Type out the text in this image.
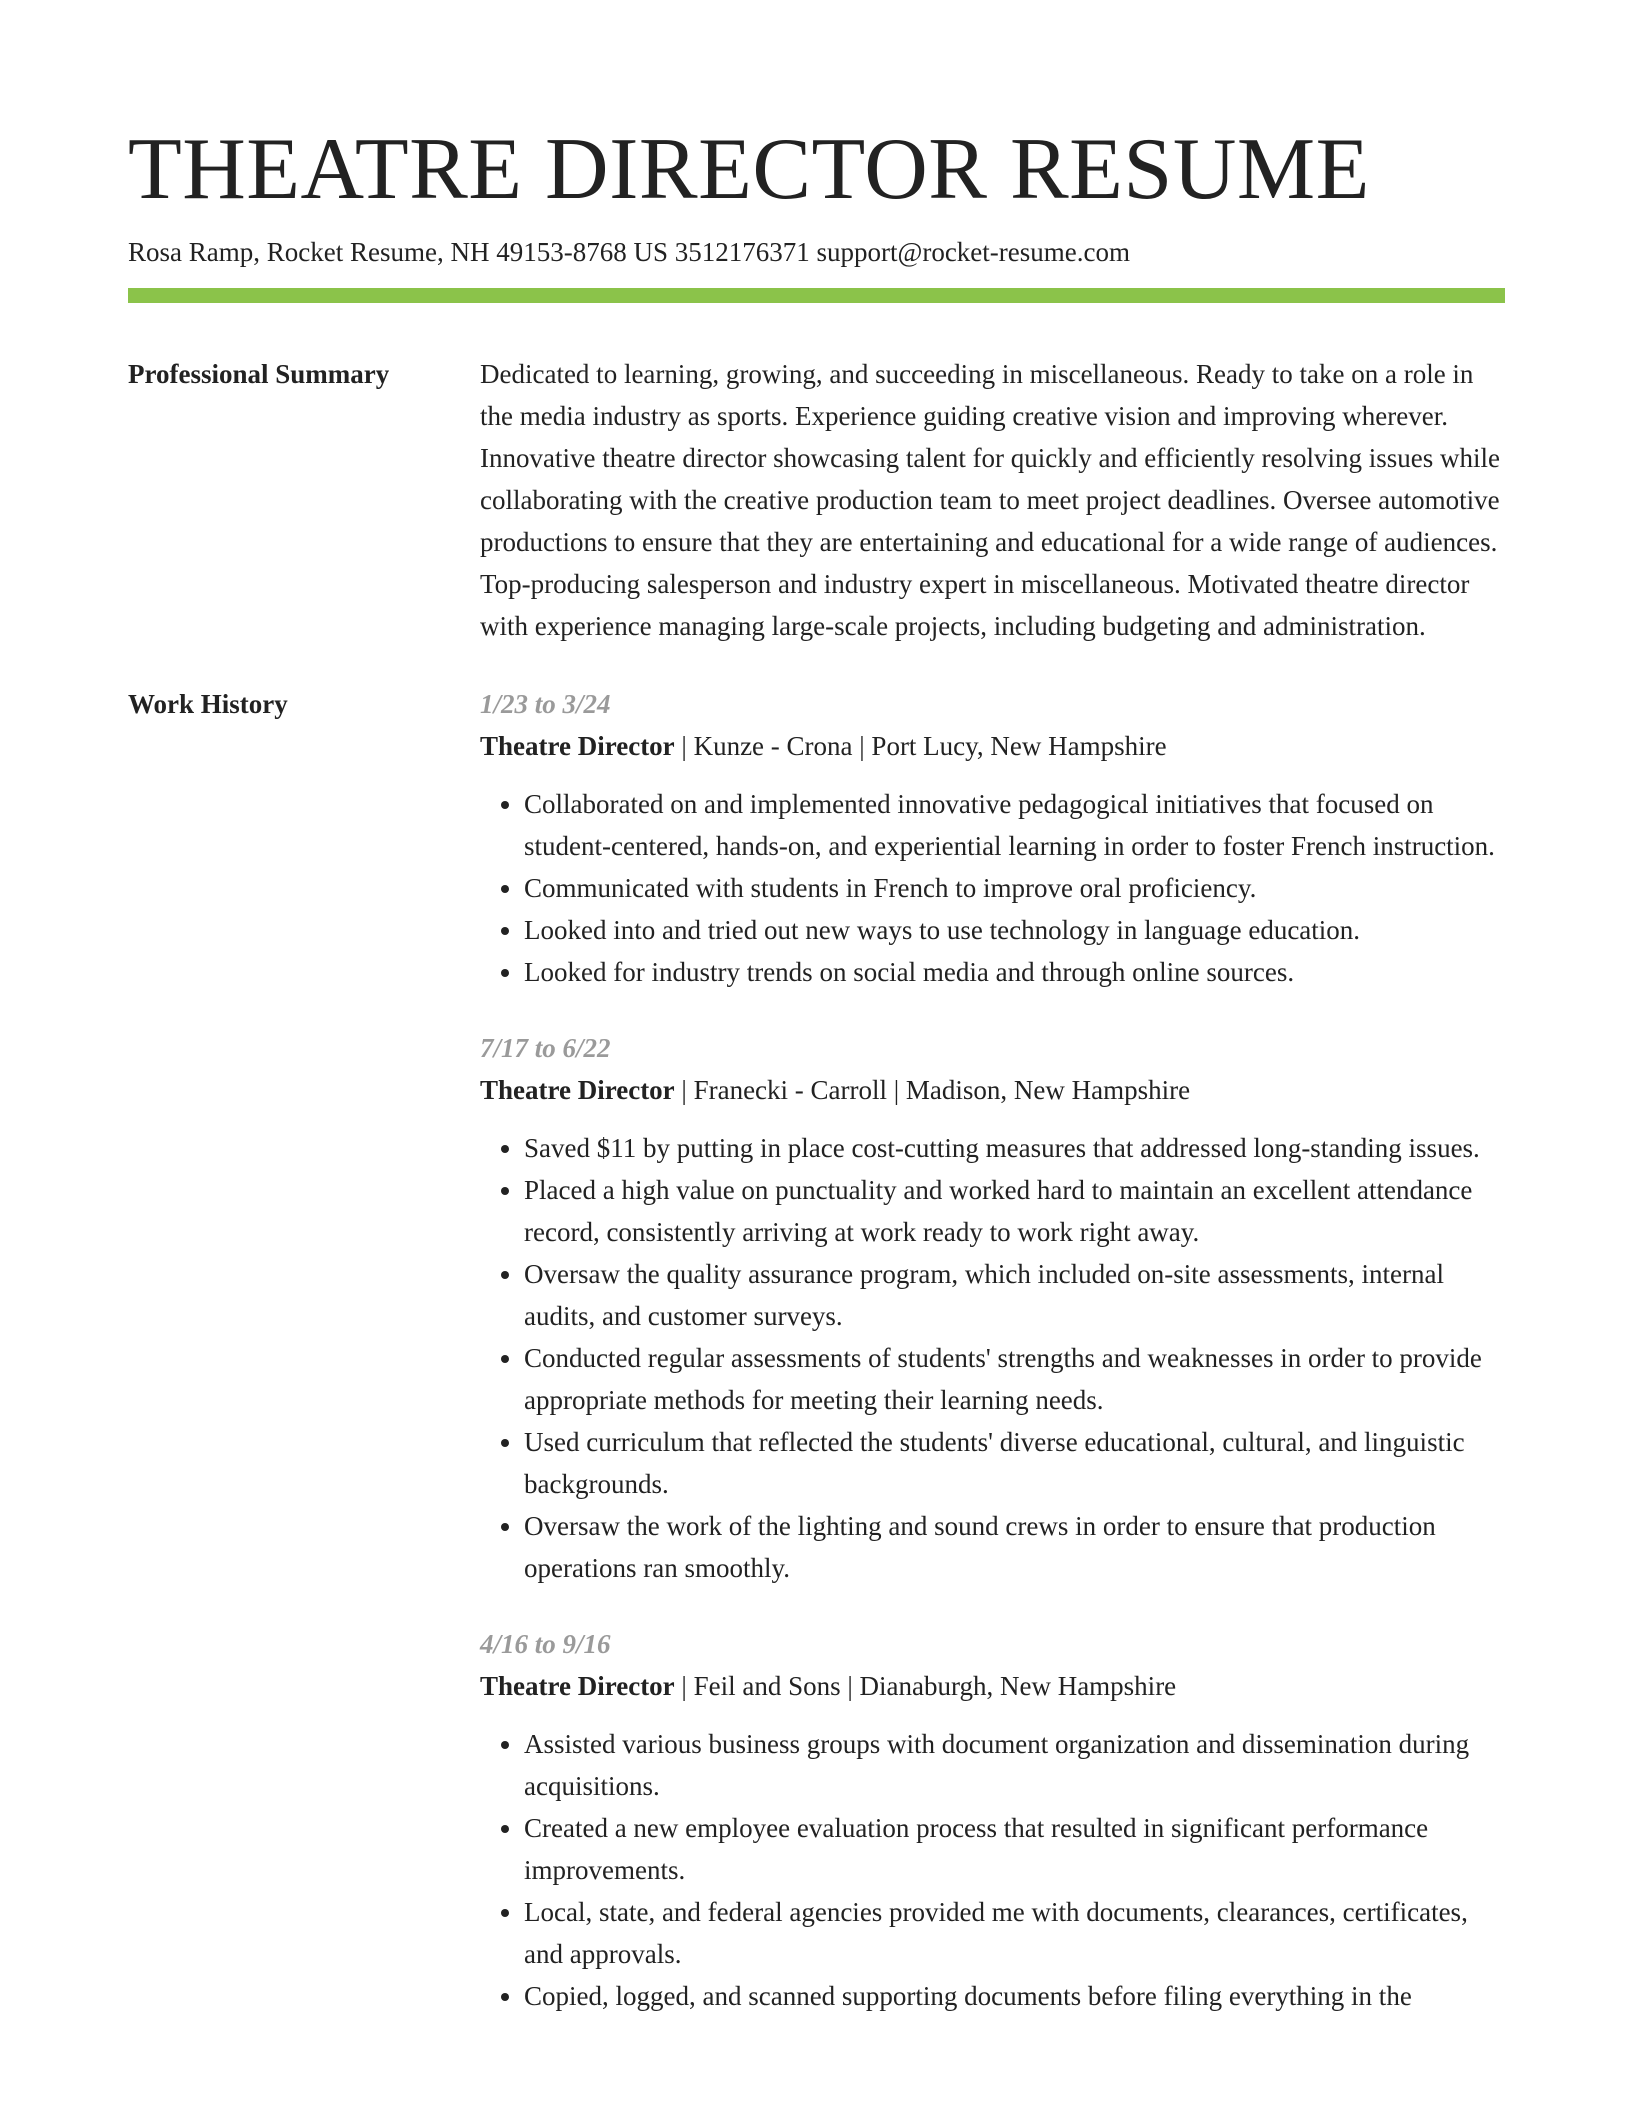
THEATRE DIRECTOR RESUME
Rosa Ramp, Rocket Resume, NH 49153-8768 US 3512176371 support@rocket-resume.com
Professional Summary	Dedicated to learning, growing, and succeeding in miscellaneous. Ready to take on a role in the media industry as sports. Experience guiding creative vision and improving wherever. Innovative theatre director showcasing talent for quickly and efficiently resolving issues while collaborating with the creative production team to meet project deadlines. Oversee automotive productions to ensure that they are entertaining and educational for a wide range of audiences. Top-producing salesperson and industry expert in miscellaneous. Motivated theatre director with experience managing large-scale projects, including budgeting and administration.

Work History	1/23 to 3/24
Theatre Director | Kunze - Crona | Port Lucy, New Hampshire
• Collaborated on and implemented innovative pedagogical initiatives that focused on student-centered, hands-on, and experiential learning in order to foster French instruction.
• Communicated with students in French to improve oral proficiency.
• Looked into and tried out new ways to use technology in language education.
• Looked for industry trends on social media and through online sources.
7/17 to 6/22
Theatre Director | Franecki - Carroll | Madison, New Hampshire
• Saved $11 by putting in place cost-cutting measures that addressed long-standing issues.
• Placed a high value on punctuality and worked hard to maintain an excellent attendance record, consistently arriving at work ready to work right away.
• Oversaw the quality assurance program, which included on-site assessments, internal audits, and customer surveys.
• Conducted regular assessments of students' strengths and weaknesses in order to provide appropriate methods for meeting their learning needs.
• Used curriculum that reflected the students' diverse educational, cultural, and linguistic backgrounds.
• Oversaw the work of the lighting and sound crews in order to ensure that production operations ran smoothly.
4/16 to 9/16
Theatre Director | Feil and Sons | Dianaburgh, New Hampshire
• Assisted various business groups with document organization and dissemination during acquisitions.
• Created a new employee evaluation process that resulted in significant performance improvements.
• Local, state, and federal agencies provided me with documents, clearances, certificates, and approvals.
• Copied, logged, and scanned supporting documents before filing everything in the
